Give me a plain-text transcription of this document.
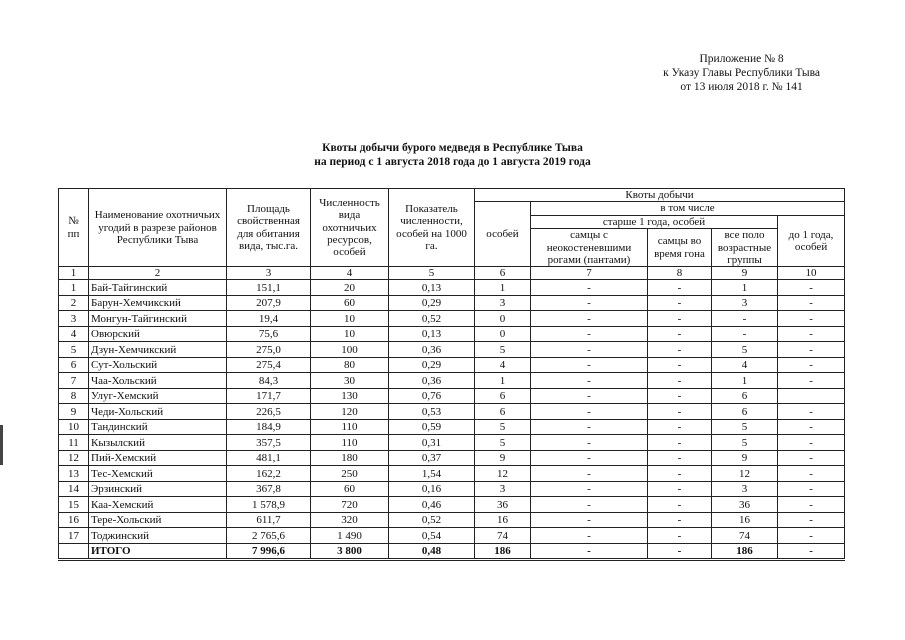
Приложение № 8
к Указу Главы Республики Тыва
от 13 июля 2018 г. № 141
Квоты добычи бурого медведя в Республике Тыва
на период с 1 августа 2018 года до 1 августа 2019 года
№ пп	Наименование охотничьих угодий в разрезе районов Республики Тыва	Площадь свойственная для обитания вида, тыс.га.	Численность вида охотничьих ресурсов, особей	Показатель численности, особей на 1000 га.	Квоты добычи				
					особей	в том числе			
						старше 1 года, особей			до 1 года, особей
						самцы с неокостеневшими рогами (пантами)	самцы во время гона	все поло возрастные группы	
1	2	3	4	5	6	7	8	9	10
1	Бай-Тайгинский	151,1	20	0,13	1	-	-	1	-
2	Барун-Хемчикский	207,9	60	0,29	3	-	-	3	-
3	Монгун-Тайгинский	19,4	10	0,52	0	-	-	-	-
4	Овюрский	75,6	10	0,13	0	-	-	-	-
5	Дзун-Хемчикский	275,0	100	0,36	5	-	-	5	-
6	Сут-Хольский	275,4	80	0,29	4	-	-	4	-
7	Чаа-Хольский	84,3	30	0,36	1	-	-	1	-
8	Улуг-Хемский	171,7	130	0,76	6	-	-	6	
9	Чеди-Хольский	226,5	120	0,53	6	-	-	6	-
10	Тандинский	184,9	110	0,59	5	-	-	5	-
11	Кызылский	357,5	110	0,31	5	-	-	5	-
12	Пий-Хемский	481,1	180	0,37	9	-	-	9	-
13	Тес-Хемский	162,2	250	1,54	12	-	-	12	-
14	Эрзинский	367,8	60	0,16	3	-	-	3	-
15	Каа-Хемский	1 578,9	720	0,46	36	-	-	36	-
16	Тере-Хольский	611,7	320	0,52	16	-	-	16	-
17	Тоджинский	2 765,6	1 490	0,54	74	-	-	74	-
	ИТОГО	7 996,6	3 800	0,48	186	-	-	186	-
